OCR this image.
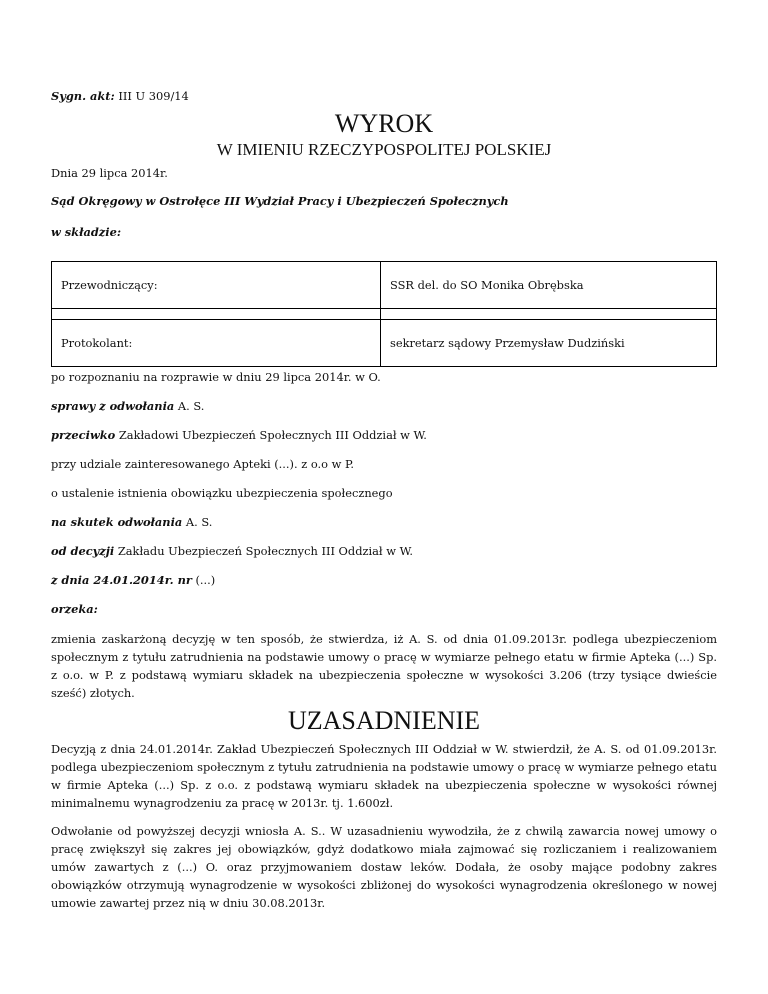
Sygn. akt: III U 309/14

WYROK
W IMIENIU RZECZYPOSPOLITEJ POLSKIEJ

Dnia 29 lipca 2014r.

Sąd Okręgowy w Ostrołęce III Wydział Pracy i Ubezpieczeń Społecznych

w składzie:

Przewodniczący:	SSR del. do SO Monika Obrębska

Protokolant:	sekretarz sądowy Przemysław Dudziński

po rozpoznaniu na rozprawie w dniu 29 lipca 2014r. w O.

sprawy z odwołania A. S.

przeciwko Zakładowi Ubezpieczeń Społecznych III Oddział w W.

przy udziale zainteresowanego Apteki (...). z o.o w P.

o ustalenie istnienia obowiązku ubezpieczenia społecznego

na skutek odwołania A. S.

od decyzji Zakładu Ubezpieczeń Społecznych III Oddział w W.

z dnia 24.01.2014r. nr (...)

orzeka:

zmienia zaskarżoną decyzję w ten sposób, że stwierdza, iż A. S. od dnia 01.09.2013r. podlega ubezpieczeniom społecznym z tytułu zatrudnienia na podstawie umowy o pracę w wymiarze pełnego etatu w firmie Apteka (...) Sp. z o.o. w P. z podstawą wymiaru składek na ubezpieczenia społeczne w wysokości 3.206 (trzy tysiące dwieście sześć) złotych.

UZASADNIENIE

Decyzją z dnia 24.01.2014r. Zakład Ubezpieczeń Społecznych III Oddział w W. stwierdził, że A. S. od 01.09.2013r. podlega ubezpieczeniom społecznym z tytułu zatrudnienia na podstawie umowy o pracę w wymiarze pełnego etatu w firmie Apteka (...) Sp. z o.o. z podstawą wymiaru składek na ubezpieczenia społeczne w wysokości równej minimalnemu wynagrodzeniu za pracę w 2013r. tj. 1.600zł.

Odwołanie od powyższej decyzji wniosła A. S.. W uzasadnieniu wywodziła, że z chwilą zawarcia nowej umowy o pracę zwiększył się zakres jej obowiązków, gdyż dodatkowo miała zajmować się rozliczaniem i realizowaniem umów zawartych z (...) O. oraz przyjmowaniem dostaw leków. Dodała, że osoby mające podobny zakres obowiązków otrzymują wynagrodzenie w wysokości zbliżonej do wysokości wynagrodzenia określonego w nowej umowie zawartej przez nią w dniu 30.08.2013r.
